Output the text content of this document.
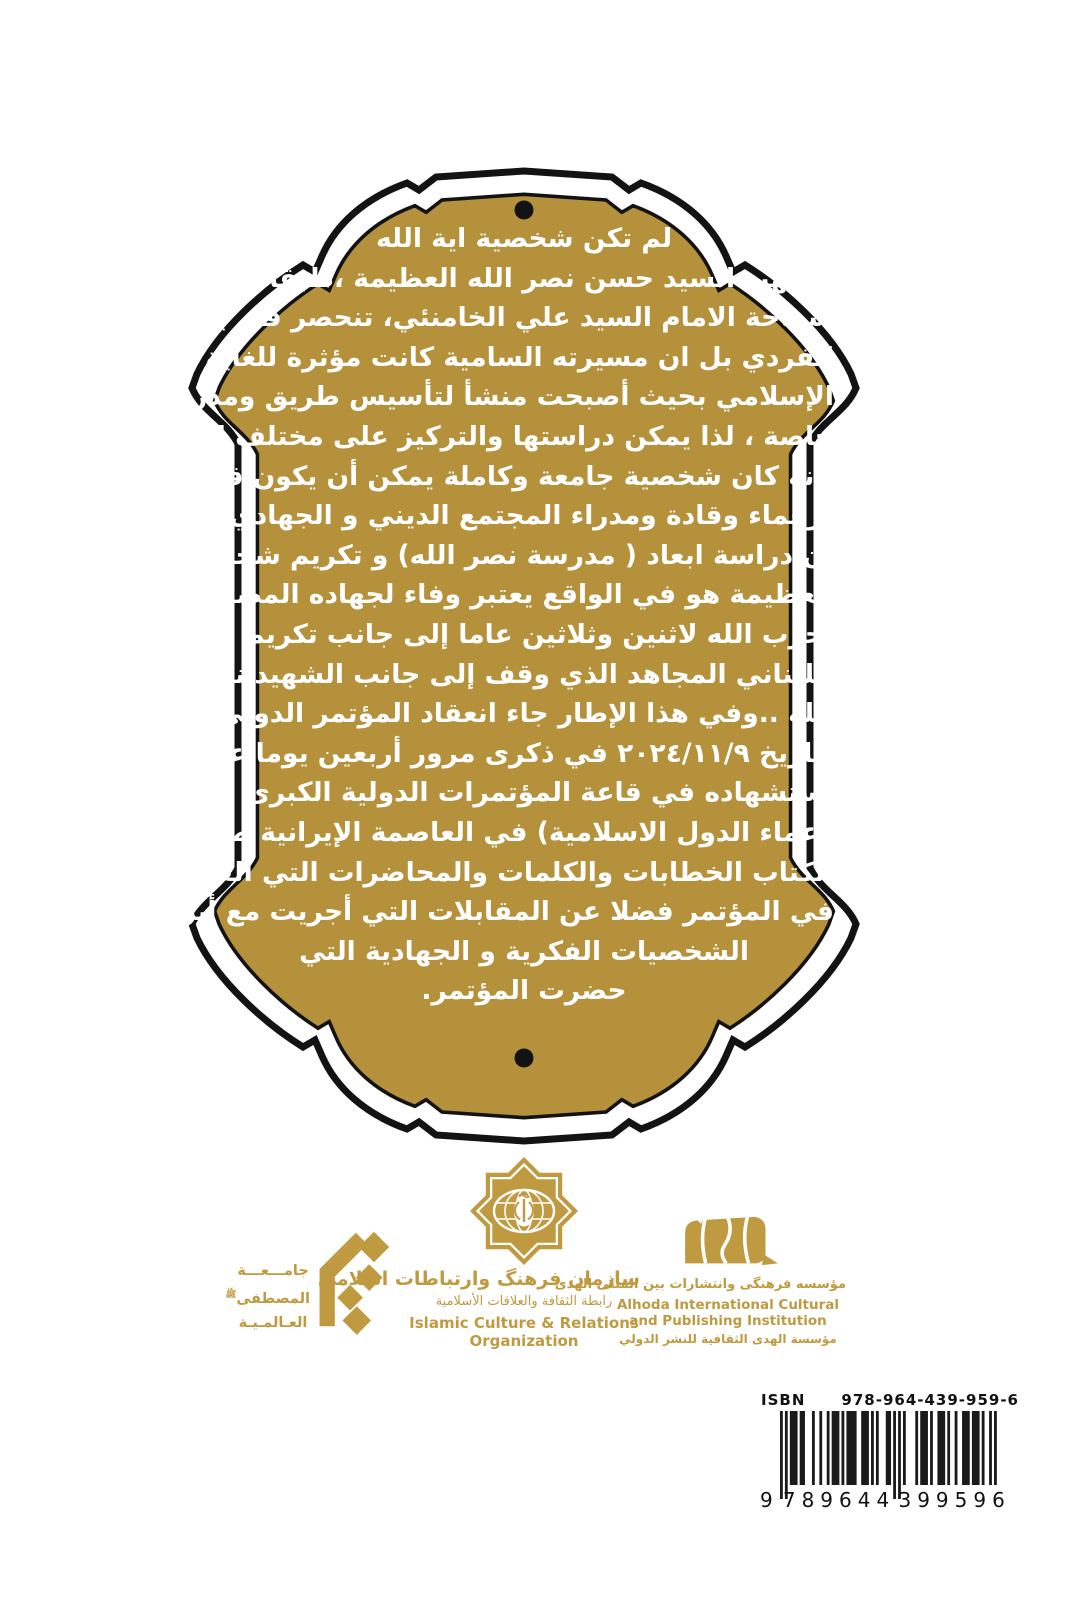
لم تكن شخصية اية الله
الشهيد السيد حسن نصر الله العظيمة ،طبقا لتعبير
سماحة الامام السيد علي الخامنئي، تنحصر في بعدها
الفردي بل ان مسيرته السامية كانت مؤثرة للغاية في العالم
الإسلامي بحيث أصبحت منشأ لتأسيس طريق ومدرسة
خاصة ، لذا يمكن دراستها والتركيز على مختلف ابعادها
لانه كان شخصية جامعة وكاملة يمكن أن يكون قدوة
لزعماء وقادة ومدراء المجتمع الديني و الجهادي المقاوم.
ان دراسة ابعاد ( مدرسة نصر الله) و تكريم شخصيته
العظيمة هو في الواقع يعتبر وفاء لجهاده المضني وقيادته
لحزب الله لاثنين وثلاثين عاما إلى جانب تكريم الشعب
اللبناني المجاهد الذي وقف إلى جانب الشهيد نصر
الله ..وفي هذا الإطار جاء انعقاد المؤتمر الدولي الكبير
بتاريخ ٢٠٢٤/١١/٩ في ذكرى مرور أربعين يوما على
استشهاده في قاعة المؤتمرات الدولية الكبرى (قاعة
زعماء الدول الاسلامية) في العاصمة الإيرانية طهران.يضم
الكتاب الخطابات والكلمات والمحاضرات التي القيت
في المؤتمر فضلا عن المقابلات التي أجريت مع أبرز
الشخصيات الفكرية و الجهادية التي
حضرت المؤتمر.
جامـــعـــة
المصطفى$^ﷺ$
العـالمـيـة
سازمان فرهنگ وارتباطات اسلامی
رابطة الثقافة والعلاقات الأسلامية
Islamic Culture & Relations
Organization
مؤسسه فرهنگی وانتشارات بین المللی الهدی
Alhoda International Cultural
and Publishing Institution
مؤسسة الهدى الثقافية للنشر الدولي
ISBN 978-964-439-959-6
9 789644 399596
